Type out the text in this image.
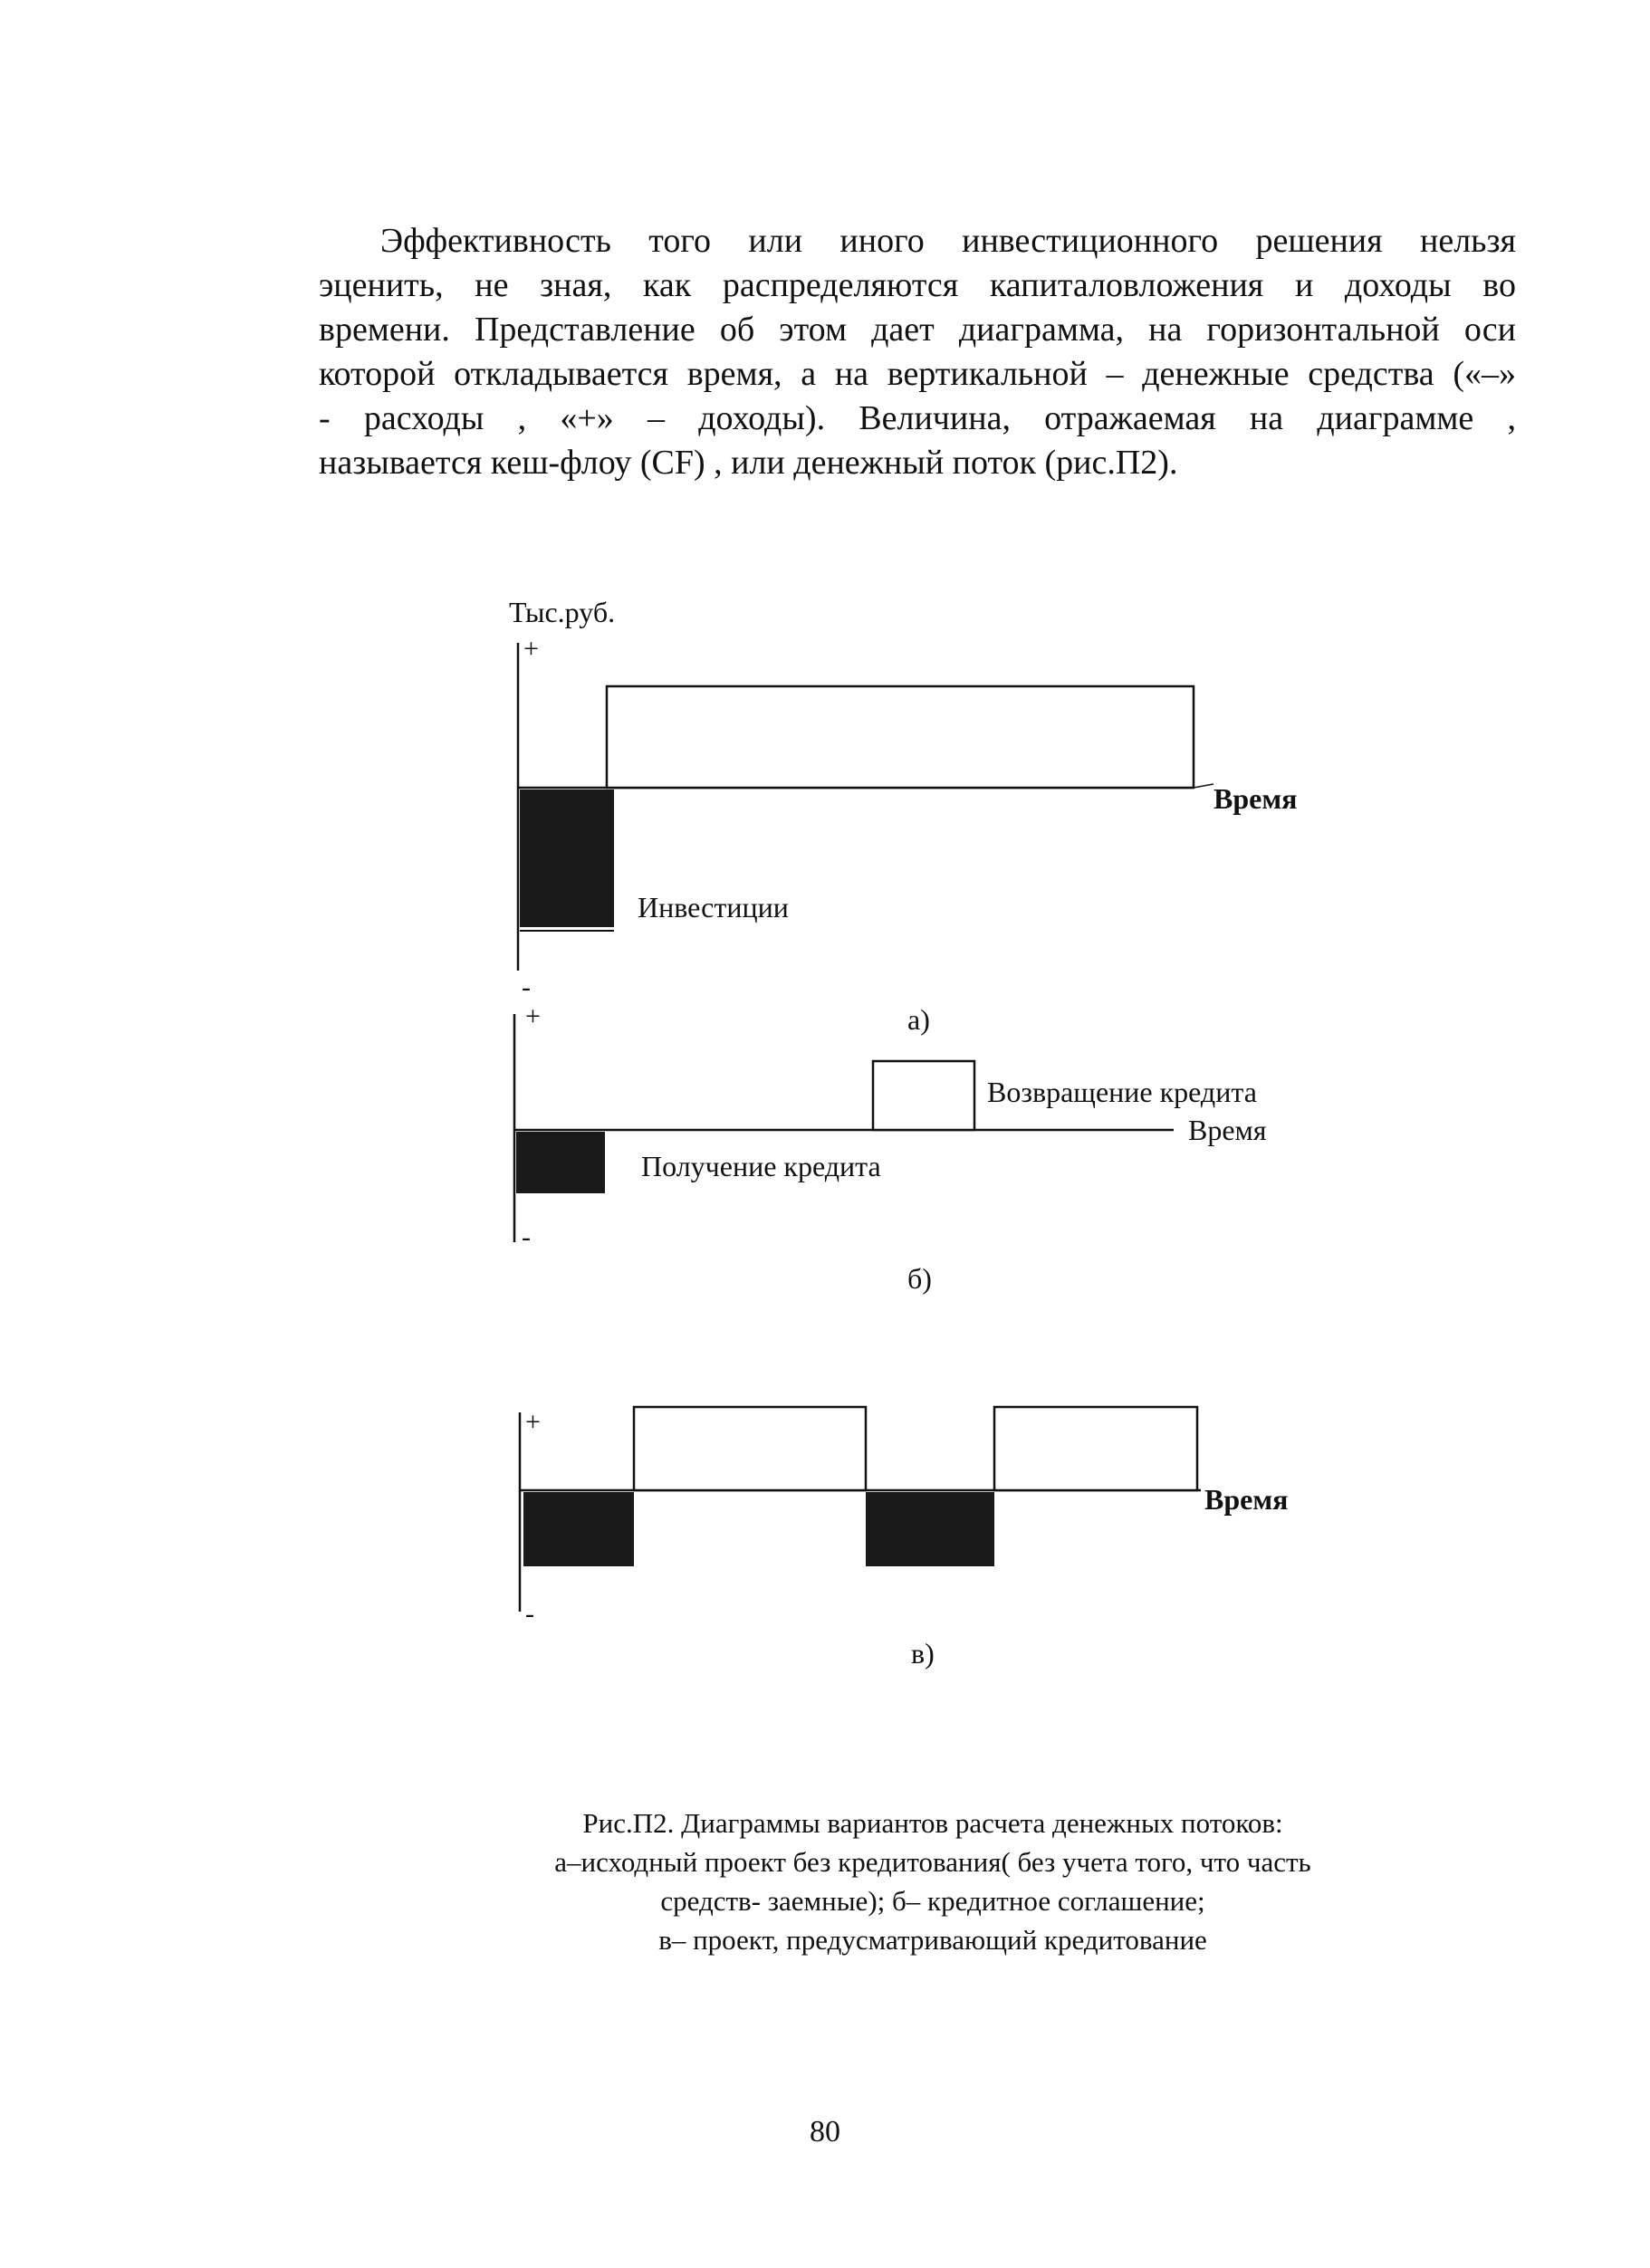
Эффективность того или иного инвестиционного решения нельзя
эценить, не зная, как распределяются капиталовложения и доходы во
времени. Представление об этом дает диаграмма, на горизонтальной оси
которой откладывается время, а на вертикальной – денежные средства («–»
- расходы , «+» – доходы). Величина, отражаемая на диаграмме ,
называется кеш-флоу (CF) , или денежный поток (рис.П2).
Тыс.руб.
+
-
Время
Инвестиции
а)
+
-
Время
Возвращение кредита
Получение кредита
б)
+
-
Время
в)
Рис.П2. Диаграммы вариантов расчета денежных потоков:
а–исходный проект без кредитования( без учета того, что часть
средств- заемные); б– кредитное соглашение;
в– проект, предусматривающий кредитование
80
